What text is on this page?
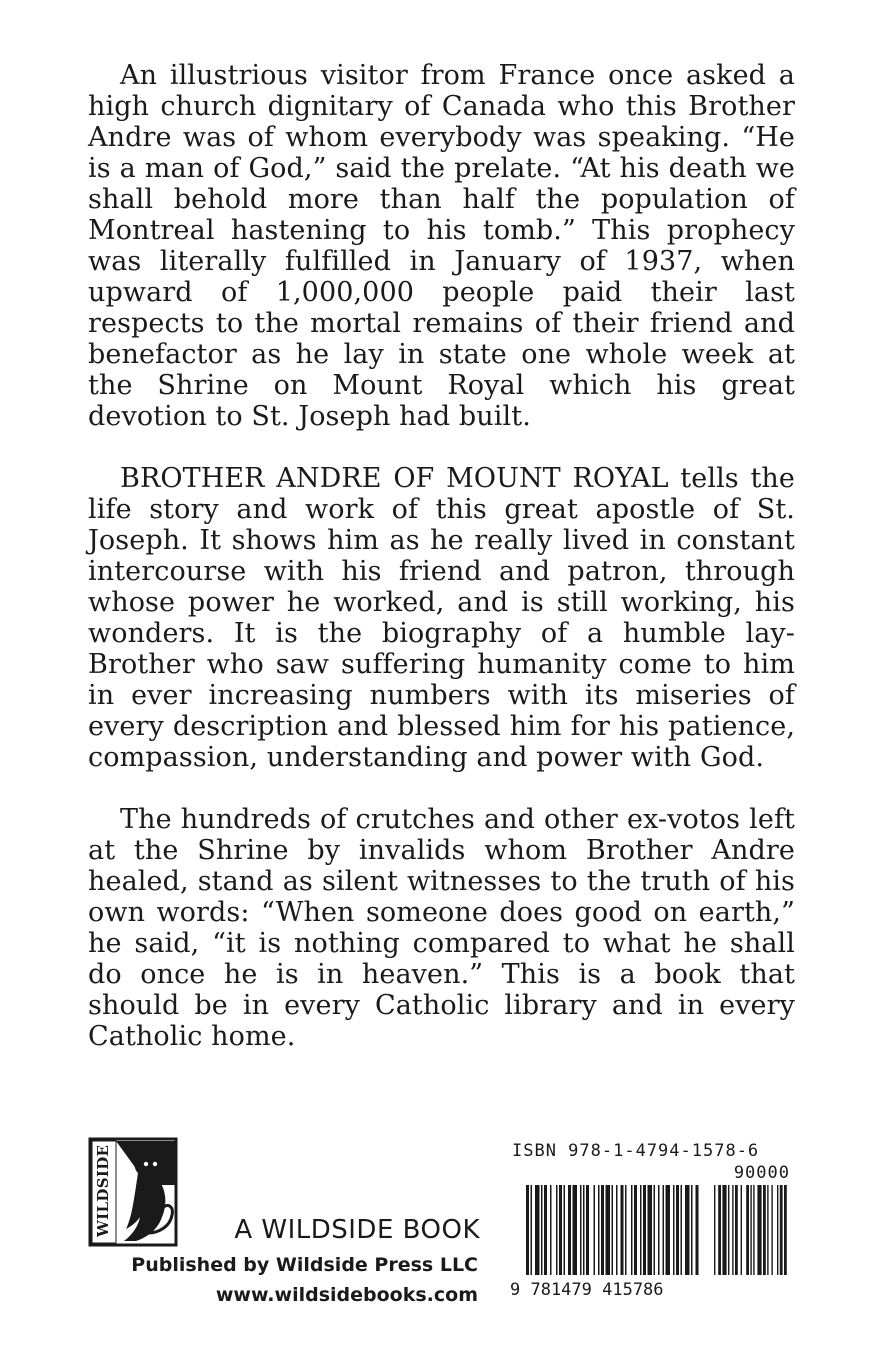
An illustrious visitor from France once asked a high church dignitary of Canada who this Brother Andre was of whom everybody was speaking. “He is a man of God,” said the prelate. “At his death we shall behold more than half the population of Montreal hastening to his tomb.” This prophecy was literally fulfilled in January of 1937, when upward of 1,000,000 people paid their last respects to the mortal remains of their friend and benefactor as he lay in state one whole week at the Shrine on Mount Royal which his great devotion to St. Joseph had built.

BROTHER ANDRE OF MOUNT ROYAL tells the life story and work of this great apostle of St. Joseph. It shows him as he really lived in constant intercourse with his friend and patron, through whose power he worked, and is still working, his wonders. It is the biography of a humble lay-Brother who saw suffering humanity come to him in ever increasing numbers with its miseries of every description and blessed him for his patience, compassion, understanding and power with God.

The hundreds of crutches and other ex-votos left at the Shrine by invalids whom Brother Andre healed, stand as silent witnesses to the truth of his own words: “When someone does good on earth,” he said, “it is nothing compared to what he shall do once he is in heaven.” This is a book that should be in every Catholic library and in every Catholic home.

WILDSIDE
A WILDSIDE BOOK
Published by Wildside Press LLC
www.wildsidebooks.com
ISBN 978-1-4794-1578-6
90000
9 781479 415786
